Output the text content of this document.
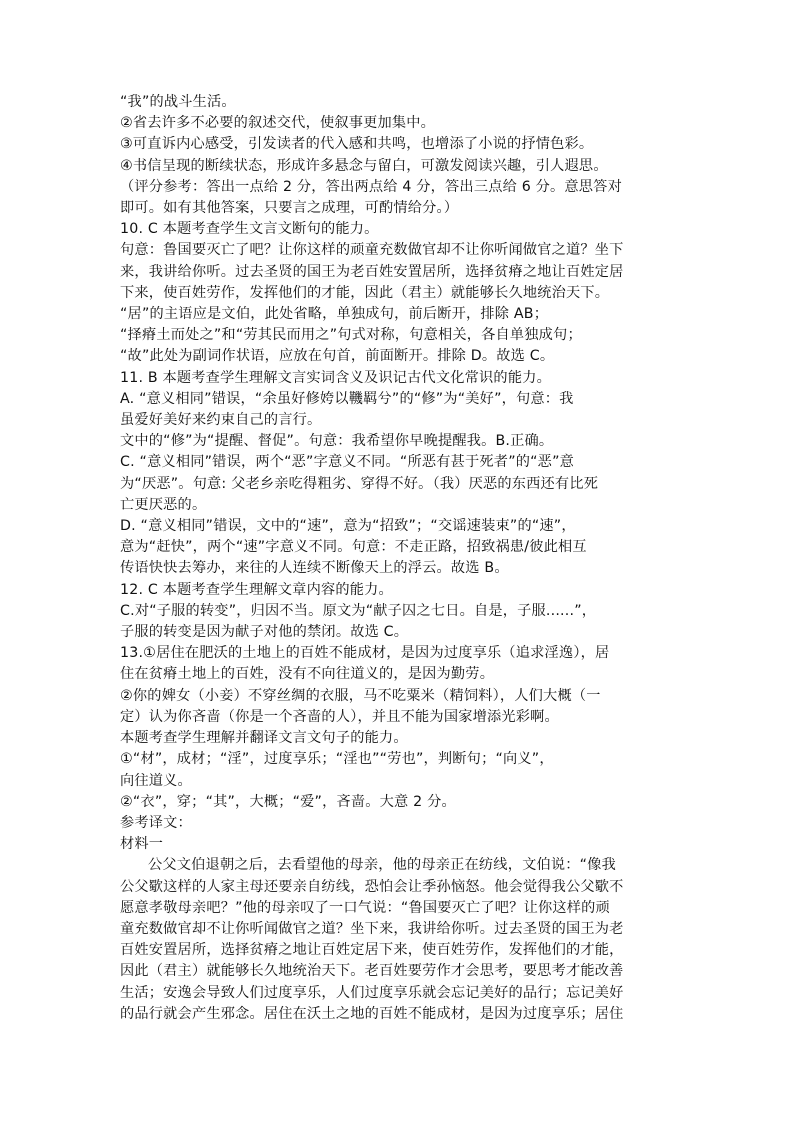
“我”的战斗生活。

②省去许多不必要的叙述交代，使叙事更加集中。

③可直诉内心感受，引发读者的代入感和共鸣，也增添了小说的抒情色彩。

④书信呈现的断续状态，形成许多悬念与留白，可激发阅读兴趣，引人遐思。

（评分参考：答出一点给 2 分，答出两点给 4 分，答出三点给 6 分。意思答对

即可。如有其他答案，只要言之成理，可酌情给分。）

10. C 本题考查学生文言文断句的能力。

句意：鲁国要灭亡了吧？让你这样的顽童充数做官却不让你听闻做官之道？坐下

来，我讲给你听。过去圣贤的国王为老百姓安置居所，选择贫瘠之地让百姓定居

下来，使百姓劳作，发挥他们的才能，因此（君主）就能够长久地统治天下。

“居”的主语应是文伯，此处省略，单独成句，前后断开，排除 AB；

“择瘠土而处之”和“劳其民而用之”句式对称，句意相关，各自单独成句；

“故”此处为副词作状语，应放在句首，前面断开。排除 D。故选 C。

11. B 本题考查学生理解文言实词含义及识记古代文化常识的能力。

A. “意义相同”错误，“余虽好修姱以鞿羁兮”的“修”为“美好”，句意：我

虽爱好美好来约束自己的言行。

文中的“修”为“提醒、督促”。句意：我希望你早晚提醒我。B.正确。

C. “意义相同”错误，两个“恶”字意义不同。“所恶有甚于死者”的“恶”意

为“厌恶”。句意: 父老乡亲吃得粗劣、穿得不好。（我）厌恶的东西还有比死

亡更厌恶的。

D. “意义相同”错误，文中的“速”，意为“招致”；“交谣速装束”的“速”，

意为“赶快”，两个“速”字意义不同。句意：不走正路，招致祸患/彼此相互

传语快快去筹办，来往的人连续不断像天上的浮云。故选 B。

12. C 本题考查学生理解文章内容的能力。

C.对“子服的转变”，归因不当。原文为“献子囚之七日。自是，子服......”，

子服的转变是因为献子对他的禁闭。故选 C。

13.①居住在肥沃的土地上的百姓不能成材，是因为过度享乐（追求淫逸），居

住在贫瘠土地上的百姓，没有不向往道义的，是因为勤劳。

②你的婢女（小妾）不穿丝绸的衣服，马不吃粟米（精饲料），人们大概（一

定）认为你吝啬（你是一个吝啬的人），并且不能为国家增添光彩啊。

本题考查学生理解并翻译文言文句子的能力。

①“材”，成材；“淫”，过度享乐；“淫也”“劳也”，判断句；“向义”，

向往道义。

②“衣”，穿；“其”，大概；“爱”，吝啬。大意 2 分。

参考译文：

材料一

公父文伯退朝之后，去看望他的母亲，他的母亲正在纺线，文伯说：“像我

公父歜这样的人家主母还要亲自纺线，恐怕会让季孙恼怒。他会觉得我公父歜不

愿意孝敬母亲吧？”他的母亲叹了一口气说：“鲁国要灭亡了吧？让你这样的顽

童充数做官却不让你听闻做官之道？坐下来，我讲给你听。过去圣贤的国王为老

百姓安置居所，选择贫瘠之地让百姓定居下来，使百姓劳作，发挥他们的才能，

因此（君主）就能够长久地统治天下。老百姓要劳作才会思考，要思考才能改善

生活；安逸会导致人们过度享乐，人们过度享乐就会忘记美好的品行；忘记美好

的品行就会产生邪念。居住在沃土之地的百姓不能成材，是因为过度享乐；居住
